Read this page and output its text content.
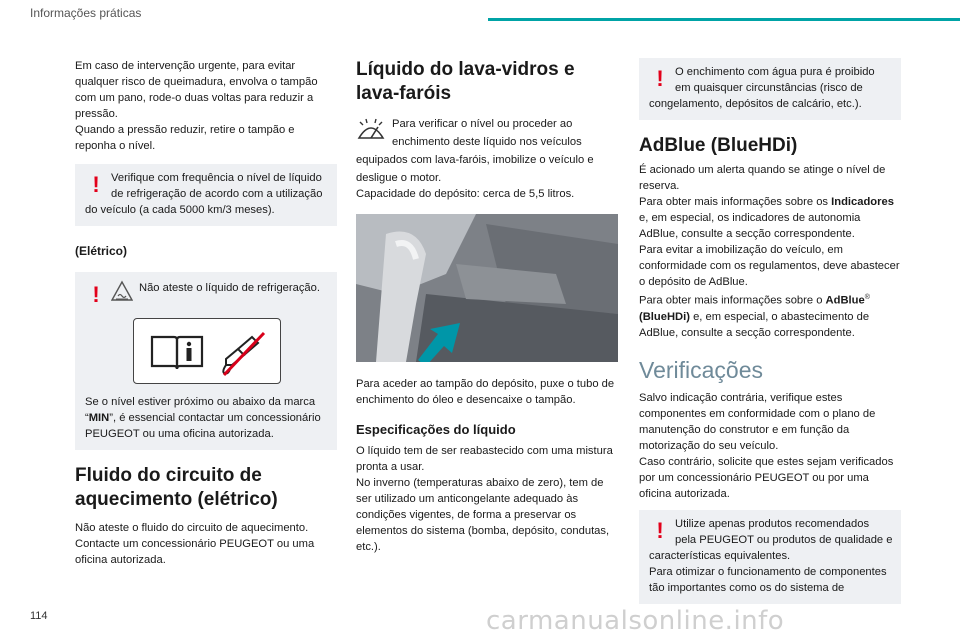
Informações práticas

Em caso de intervenção urgente, para evitar qualquer risco de queimadura, envolva o tampão com um pano, rode-o duas voltas para reduzir a pressão.

Quando a pressão reduzir, retire o tampão e reponha o nível.

!	Verifique com frequência o nível de líquido de refrigeração de acordo com a utilização do veículo (a cada 5000 km/3 meses).

(Elétrico)

!	Não ateste o líquido de refrigeração.
Se o nível estiver próximo ou abaixo da marca “MIN”, é essencial contactar um concessionário PEUGEOT ou uma oficina autorizada.
Fluido do circuito de aquecimento (elétrico)

Não ateste o fluido do circuito de aquecimento. Contacte um concessionário PEUGEOT ou uma oficina autorizada.

Líquido do lava-vidros e lava-faróis
Para verificar o nível ou proceder ao enchimento deste líquido nos veículos equipados com lava-faróis, imobilize o veículo e desligue o motor.

Capacidade do depósito: cerca de 5,5 litros.

Para aceder ao tampão do depósito, puxe o tubo de enchimento do óleo e desencaixe o tampão.

Especificações do líquido

O líquido tem de ser reabastecido com uma mistura pronta a usar.

No inverno (temperaturas abaixo de zero), tem de ser utilizado um anticongelante adequado às condições vigentes, de forma a preservar os elementos do sistema (bomba, depósito, condutas, etc.).

!	O enchimento com água pura é proibido em quaisquer circunstâncias (risco de congelamento, depósitos de calcário, etc.).
AdBlue (BlueHDi)

É acionado um alerta quando se atinge o nível de reserva.

Para obter mais informações sobre os Indicadores e, em especial, os indicadores de autonomia AdBlue, consulte a secção correspondente.

Para evitar a imobilização do veículo, em conformidade com os regulamentos, deve abastecer o depósito de AdBlue.

Para obter mais informações sobre o AdBlue® (BlueHDi) e, em especial, o abastecimento de AdBlue, consulte a secção correspondente.

Verificações

Salvo indicação contrária, verifique estes componentes em conformidade com o plano de manutenção do construtor e em função da motorização do seu veículo.

Caso contrário, solicite que estes sejam verificados por um concessionário PEUGEOT ou por uma oficina autorizada.

!	Utilize apenas produtos recomendados pela PEUGEOT ou produtos de qualidade e características equivalentes.
Para otimizar o funcionamento de componentes tão importantes como os do sistema de
114	carmanualsonline.info
